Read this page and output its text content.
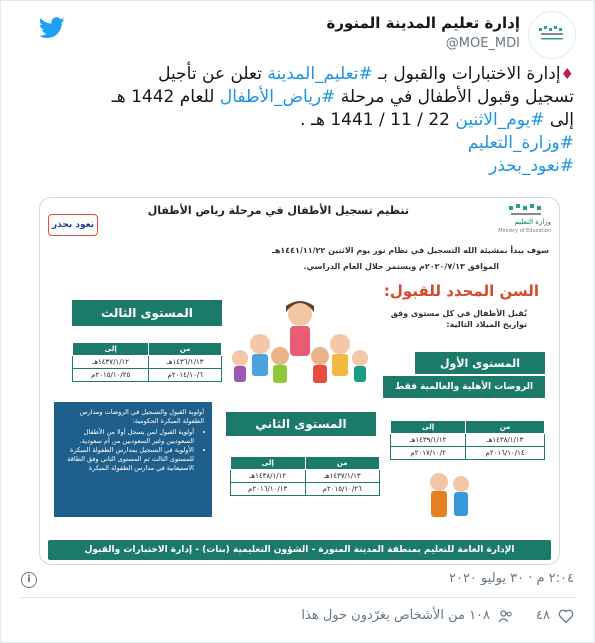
إدارة تعليم المدينة المنورة
@MOE_MDI
♦إدارة الاختبارات والقبول بـ #تعليم_المدينة تعلن عن تأجيل
تسجيل وقبول الأطفال في مرحلة #رياض_الأطفال للعام 1442 هـ
إلى #يوم_الاثنين 22 / 11 / 1441 هـ .
#وزارة_التعليم
#نعود_بحذر
وزارة التعليم
Ministry of Education
تنظيم تسجيل الأطفال في مرحلة رياض الأطفال
نعود بحذر
سوف يبدأ بمشيئة الله التسجيل في نظام نور يوم الاثنين ١٤٤١/١١/٢٢هـ
الموافق ٢٠٢٠/٧/١٣م ويستمر خلال العام الدراسي.
السن المحدد للقبول:
يُقبل الأطفال في كل مستوى وفق تواريخ الميلاد التالية:
المستوى الثالث
من	إلى
١٤٣٦/١/١٣هـ	١٤٣٧/١/١٢هـ
٢٠١٤/١٠/٦م	٢٠١٥/١٠/٢٥م
المستوى الأول
الروضات الأهلية والعالمية فقط
من	إلى
١٤٣٨/١/١٣هـ	١٤٣٩/١/١٢هـ
٢٠١٦/١٠/١٤م	٢٠١٧/١٠/٢م
أولوية القبول والتسجيل في الروضات ومدارس الطفولة المبكرة الحكومية:
• أولوية القبول لمن يسجل أولا من الأطفال السعوديين وغير السعوديين من أم سعودية.
• الأولوية في التسجيل بمدارس الطفولة المبكرة للمستوى الثالث ثم المستوى الثاني وفق الطاقة الاستيعابية في مدارس الطفولة المبكرة
المستوى الثاني
من	إلى
١٤٣٧/١/١٣هـ	١٤٣٨/١/١٢هـ
٢٠١٥/١٠/٢٦م	٢٠١٦/١٠/١٣م
الإدارة العامة للتعليم بمنطقة المدينة المنورة - الشؤون التعليمية (بنات) - إدارة الاختبارات والقبول
٢:٠٤ م · ٣٠ يوليو ٢٠٢٠
i
٤٨
١٠٨ من الأشخاص يغرّدون حول هذا
